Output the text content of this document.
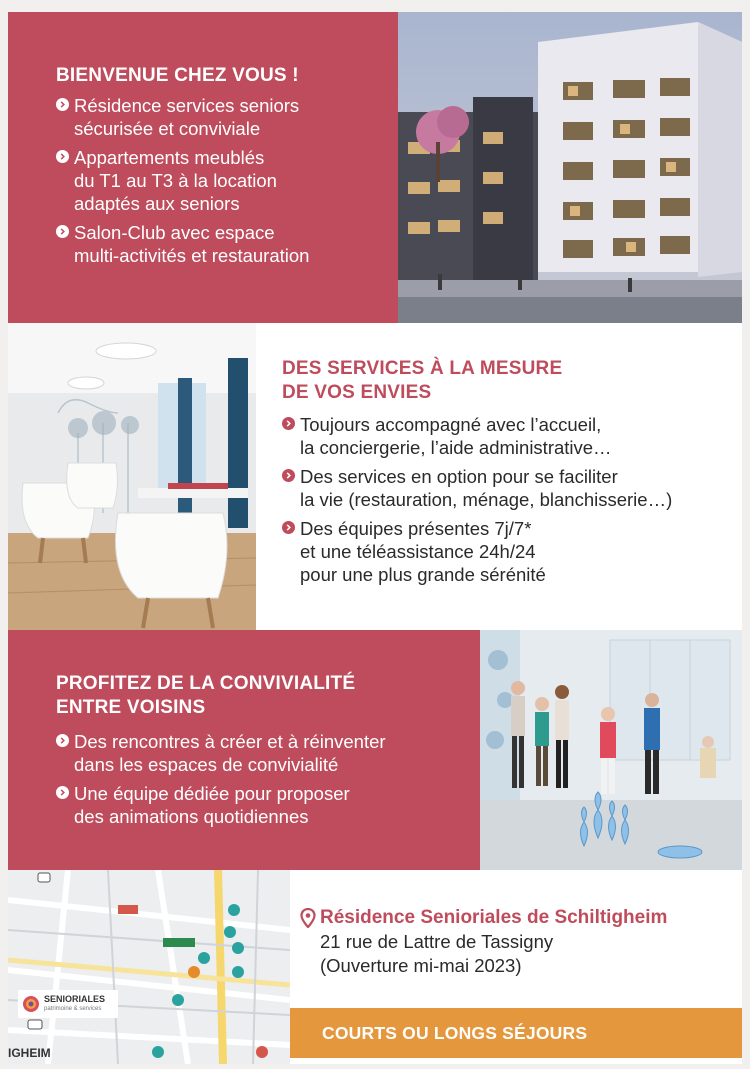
BIENVENUE CHEZ VOUS !
Résidence services seniors
sécurisée et conviviale
Appartements meublés
du T1 au T3 à la location
adaptés aux seniors
Salon-Club avec espace
multi-activités et restauration
DES SERVICES À LA MESURE
DE VOS ENVIES
Toujours accompagné avec l’accueil,
la conciergerie, l’aide administrative…
Des services en option pour se faciliter
la vie (restauration, ménage, blanchisserie…)
Des équipes présentes 7j/7*
et une téléassistance 24h/24
pour une plus grande sérénité
PROFITEZ DE LA CONVIVIALITÉ
ENTRE VOISINS
Des rencontres à créer et à réinventer
dans les espaces de convivialité
Une équipe dédiée pour proposer
des animations quotidiennes
IGHEIM
SENIORIALES
patrimoine & services
Résidence Senioriales de Schiltigheim
21 rue de Lattre de Tassigny
(Ouverture mi-mai 2023)
COURTS OU LONGS SÉJOURS
